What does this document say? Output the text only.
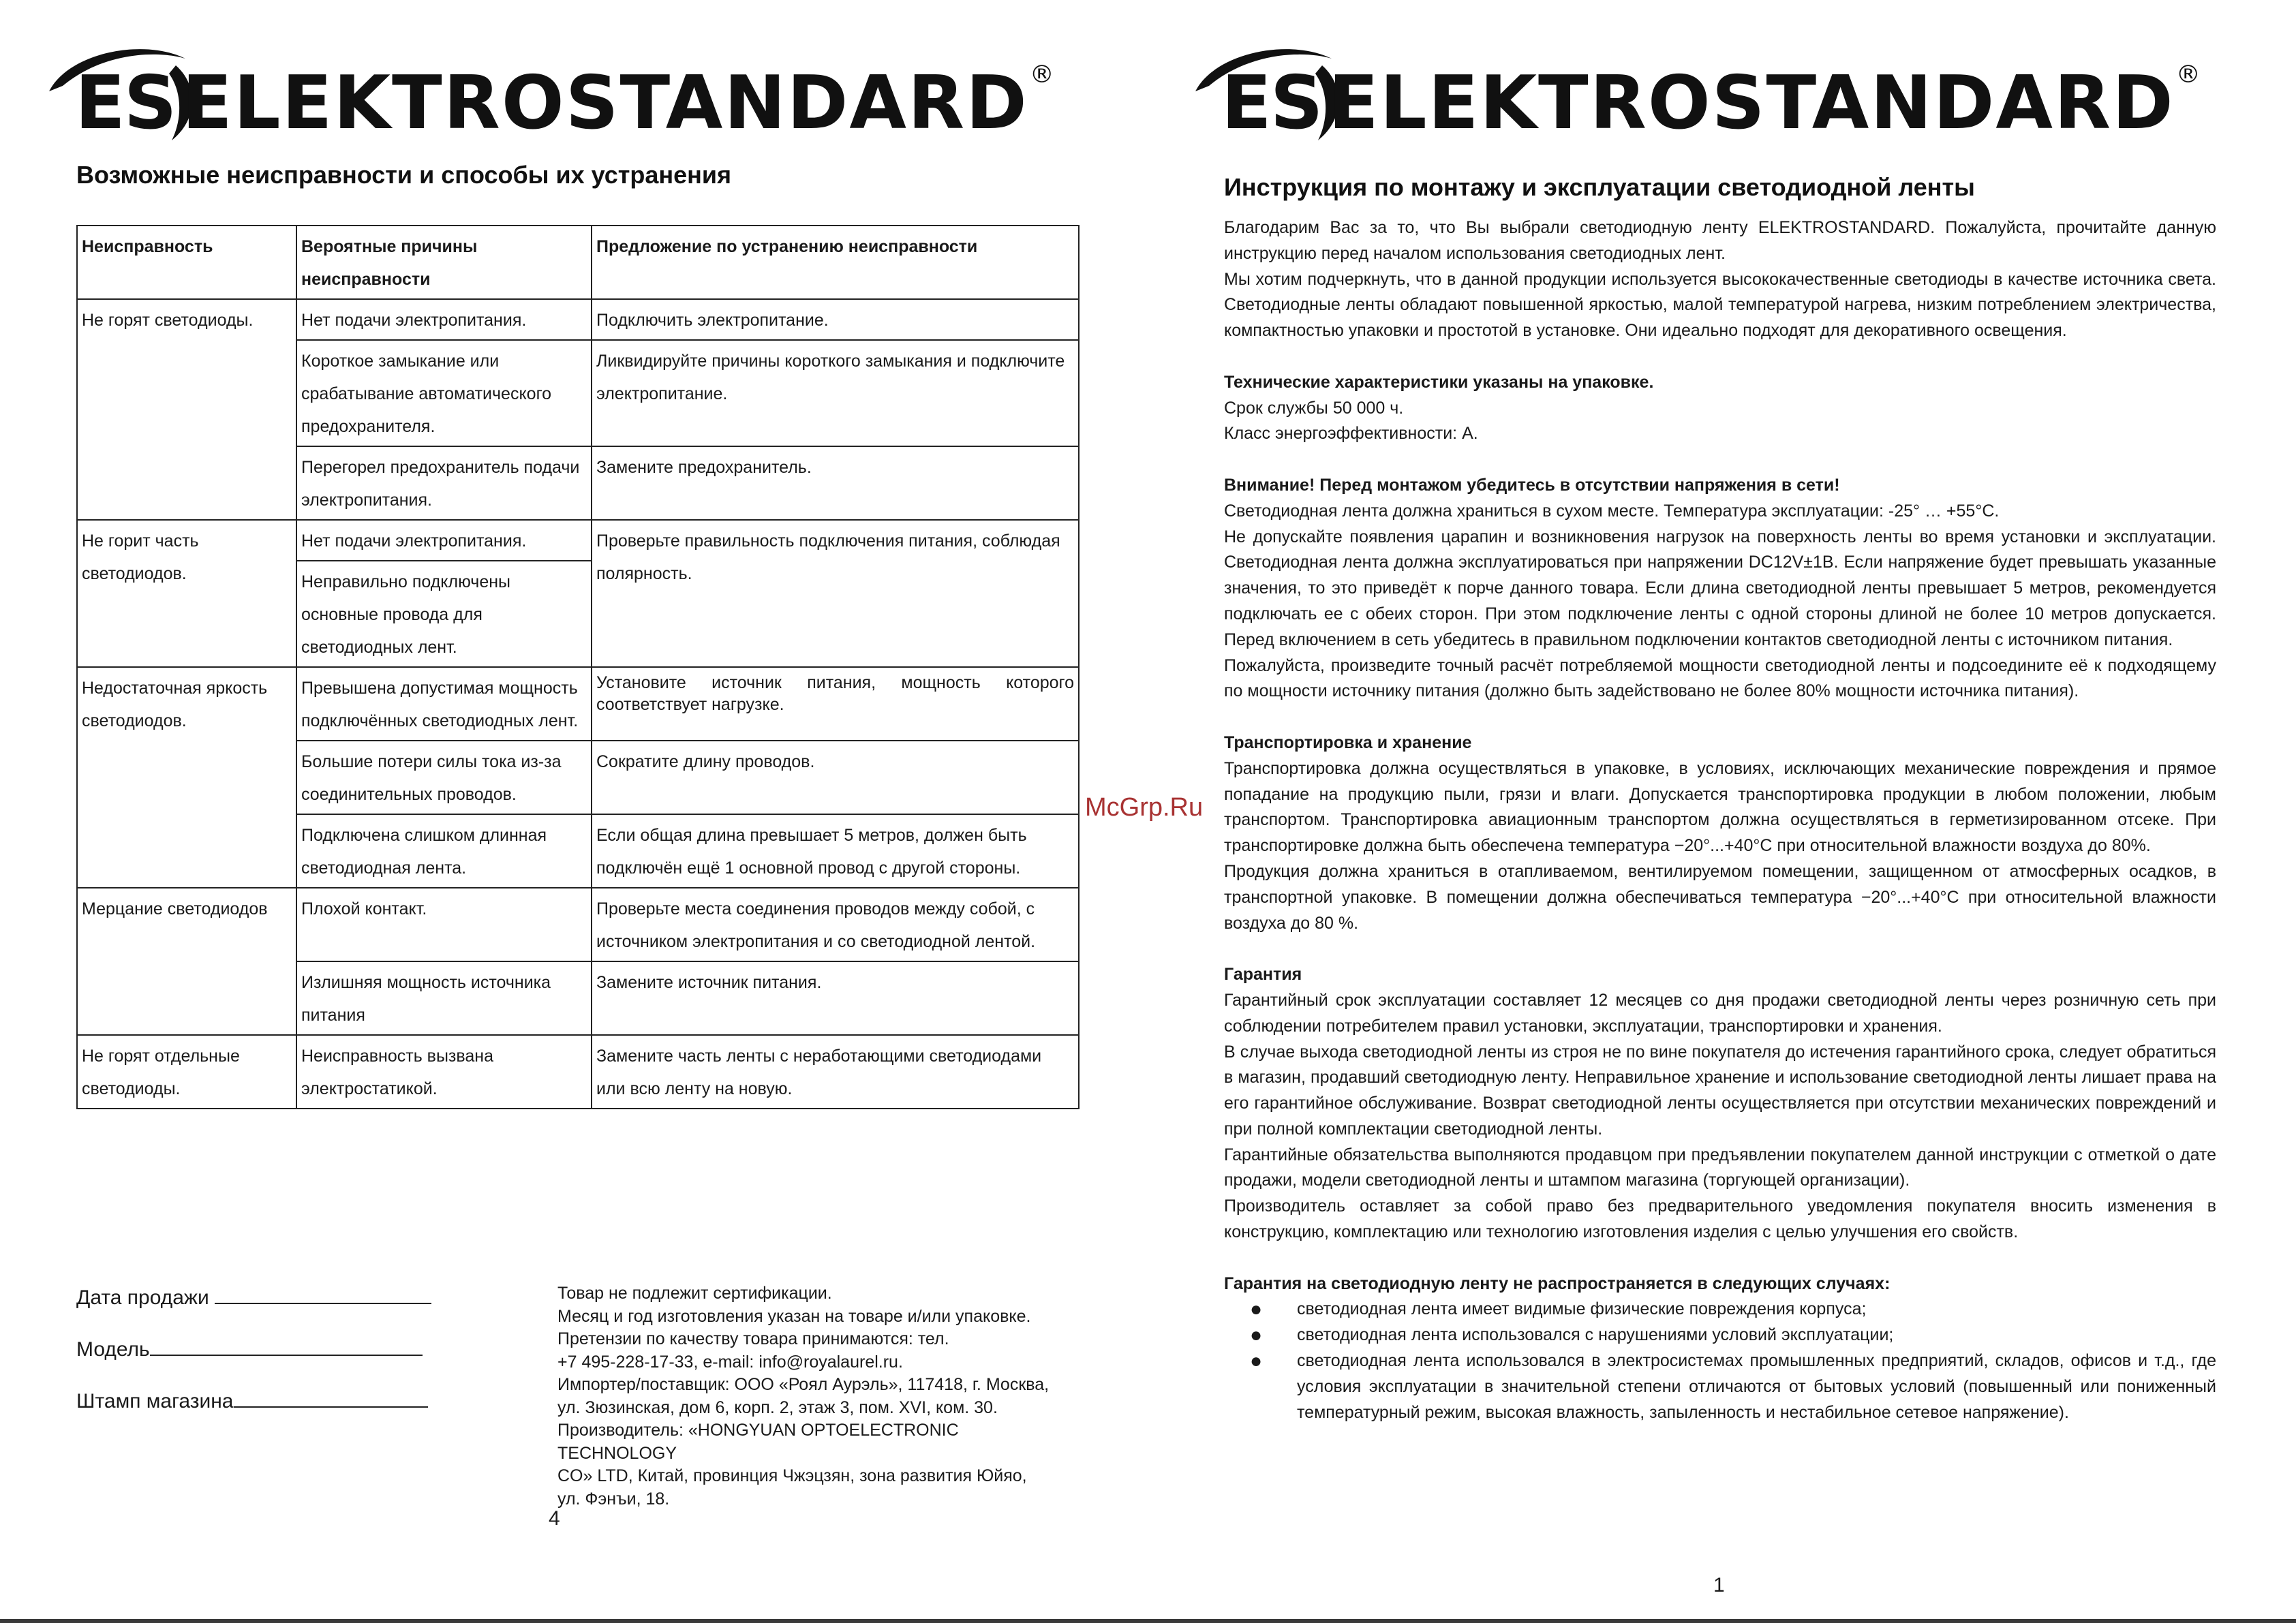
ES ELEKTROSTANDARD®
Возможные неисправности и способы их устранения
Неисправность	Вероятные причины неисправности	Предложение по устранению неисправности
Не горят светодиоды.	Нет подачи электропитания.	Подключить электропитание.
	Короткое замыкание или срабатывание автоматического предохранителя.	Ликвидируйте причины короткого замыкания и подключите электропитание.
	Перегорел предохранитель подачи электропитания.	Замените предохранитель.
Не горит часть светодиодов.	Нет подачи электропитания.	Проверьте правильность подключения питания, соблюдая полярность.
	Неправильно подключены основные провода для светодиодных лент.	
Недостаточная яркость светодиодов.	Превышена допустимая мощность подключённых светодиодных лент.	Установите источник питания, мощность которого соответствует нагрузке.
	Большие потери силы тока из-за соединительных проводов.	Сократите длину проводов.
	Подключена слишком длинная светодиодная лента.	Если общая длина превышает 5 метров, должен быть подключён ещё 1 основной провод с другой стороны.
Мерцание светодиодов	Плохой контакт.	Проверьте места соединения проводов между собой, с источником электропитания и со светодиодной лентой.
	Излишняя мощность источника питания	Замените источник питания.
Не горят отдельные светодиоды.	Неисправность вызвана электростатикой.	Замените часть ленты с неработающими светодиодами или всю ленту на новую.
Дата продажи
Модель
Штамп магазина

Товар не подлежит сертификации.

Месяц и год изготовления указан на товаре и/или упаковке.

Претензии по качеству товара принимаются: тел.

+7 495-228-17-33, e-mail: info@royalaurel.ru.

Импортер/поставщик: ООО «Роял Аурэль», 117418, г. Москва,

ул. Зюзинская, дом 6, корп. 2, этаж 3, пом. XVI, ком. 30.

Производитель: «HONGYUAN OPTOELECTRONIC TECHNOLOGY

CO» LTD, Китай, провинция Чжэцзян, зона развития Юйяо,

ул. Фэнъи, 18.

4
ES ELEKTROSTANDARD®
Инструкция по монтажу и эксплуатации светодиодной ленты

Благодарим Вас за то, что Вы выбрали светодиодную ленту ELEKTROSTANDARD. Пожалуйста, прочитайте данную инструкцию перед началом использования светодиодных лент.

Мы хотим подчеркнуть, что в данной продукции используется высококачественные светодиоды в качестве источника света. Светодиодные ленты обладают повышенной яркостью, малой температурой нагрева, низким потреблением электричества, компактностью упаковки и простотой в установке. Они идеально подходят для декоративного освещения.

Технические характеристики указаны на упаковке.

Срок службы 50 000 ч.

Класс энергоэффективности: А.

Внимание! Перед монтажом убедитесь в отсутствии напряжения в сети!

Светодиодная лента должна храниться в сухом месте. Температура эксплуатации: -25° … +55°C.

Не допускайте появления царапин и возникновения нагрузок на поверхность ленты во время установки и эксплуатации. Светодиодная лента должна эксплуатироваться при напряжении DC12V±1В. Если напряжение будет превышать указанные значения, то это приведёт к порче данного товара. Если длина светодиодной ленты превышает 5 метров, рекомендуется подключать ее с обеих сторон. При этом подключение ленты с одной стороны длиной не более 10 метров допускается. Перед включением в сеть убедитесь в правильном подключении контактов светодиодной ленты с источником питания.

Пожалуйста, произведите точный расчёт потребляемой мощности светодиодной ленты и подсоедините её к подходящему по мощности источнику питания (должно быть задействовано не более 80% мощности источника питания).

Транспортировка и хранение

Транспортировка должна осуществляться в упаковке, в условиях, исключающих механические повреждения и прямое попадание на продукцию пыли, грязи и влаги. Допускается транспортировка продукции в любом положении, любым транспортом. Транспортировка авиационным транспортом должна осуществляться в герметизированном отсеке. При транспортировке должна быть обеспечена температура −20°...+40°С при относительной влажности воздуха до 80%.

Продукция должна храниться в отапливаемом, вентилируемом помещении, защищенном от атмосферных осадков, в транспортной упаковке. В помещении должна обеспечиваться температура −20°...+40°С при относительной влажности воздуха до 80 %.

Гарантия

Гарантийный срок эксплуатации составляет 12 месяцев со дня продажи светодиодной ленты через розничную сеть при соблюдении потребителем правил установки, эксплуатации, транспортировки и хранения.

В случае выхода светодиодной ленты из строя не по вине покупателя до истечения гарантийного срока, следует обратиться в магазин, продавший светодиодную ленту. Неправильное хранение и использование светодиодной ленты лишает права на его гарантийное обслуживание. Возврат светодиодной ленты осуществляется при отсутствии механических повреждений и при полной комплектации светодиодной ленты.

Гарантийные обязательства выполняются продавцом при предъявлении покупателем данной инструкции с отметкой о дате продажи, модели светодиодной ленты и штампом магазина (торгующей организации).

Производитель оставляет за собой право без предварительного уведомления покупателя вносить изменения в конструкцию, комплектацию или технологию изготовления изделия с целью улучшения его свойств.

Гарантия на светодиодную ленту не распространяется в следующих случаях:

● светодиодная лента имеет видимые физические повреждения корпуса;
● светодиодная лента использовался с нарушениями условий эксплуатации;
● светодиодная лента использовался в электросистемах промышленных предприятий, складов, офисов и т.д., где условия эксплуатации в значительной степени отличаются от бытовых условий (повышенный или пониженный температурный режим, высокая влажность, запыленность и нестабильное сетевое напряжение).
1
McGrp.Ru
